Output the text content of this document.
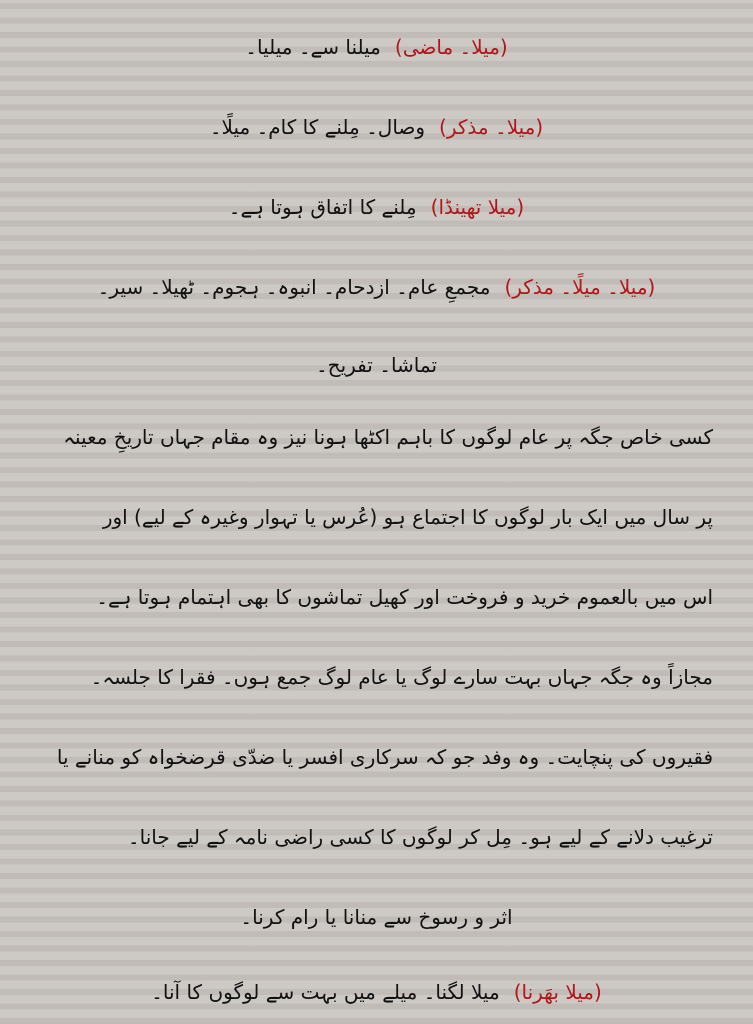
(میلا۔ ماضی)میلنا سے۔ میلیا۔
(میلا۔ مذکر)وصال۔ مِلنے کا کام۔ میلًا۔
(میلا تھینڈا)مِلنے کا اتفاق ہوتا ہے۔
(میلا۔ میلًا۔ مذکر)مجمعِ عام۔ ازدحام۔ انبوہ۔ ہجوم۔ ٹھیلا۔ سیر۔
تماشا۔ تفریح۔
کسی خاص جگہ پر عام لوگوں کا باہم اکٹھا ہونا نیز وہ مقام جہاں تاریخِ معینہ
پر سال میں ایک بار لوگوں کا اجتماع ہو (عُرس یا تہوار وغیرہ کے لیے) اور
اس میں بالعموم خرید و فروخت اور کھیل تماشوں کا بھی اہتمام ہوتا ہے۔
مجازاً وہ جگہ جہاں بہت سارے لوگ یا عام لوگ جمع ہوں۔ فقرا کا جلسہ۔
فقیروں کی پنچایت۔ وہ وفد جو کہ سرکاری افسر یا ضدّی قرضخواہ کو منانے یا
ترغیب دلانے کے لیے ہو۔ مِل کر لوگوں کا کسی راضی نامہ کے لیے جانا۔
اثر و رسوخ سے منانا یا رام کرنا۔
(میلا بھَرنا)میلا لگنا۔ میلے میں بہت سے لوگوں کا آنا۔
